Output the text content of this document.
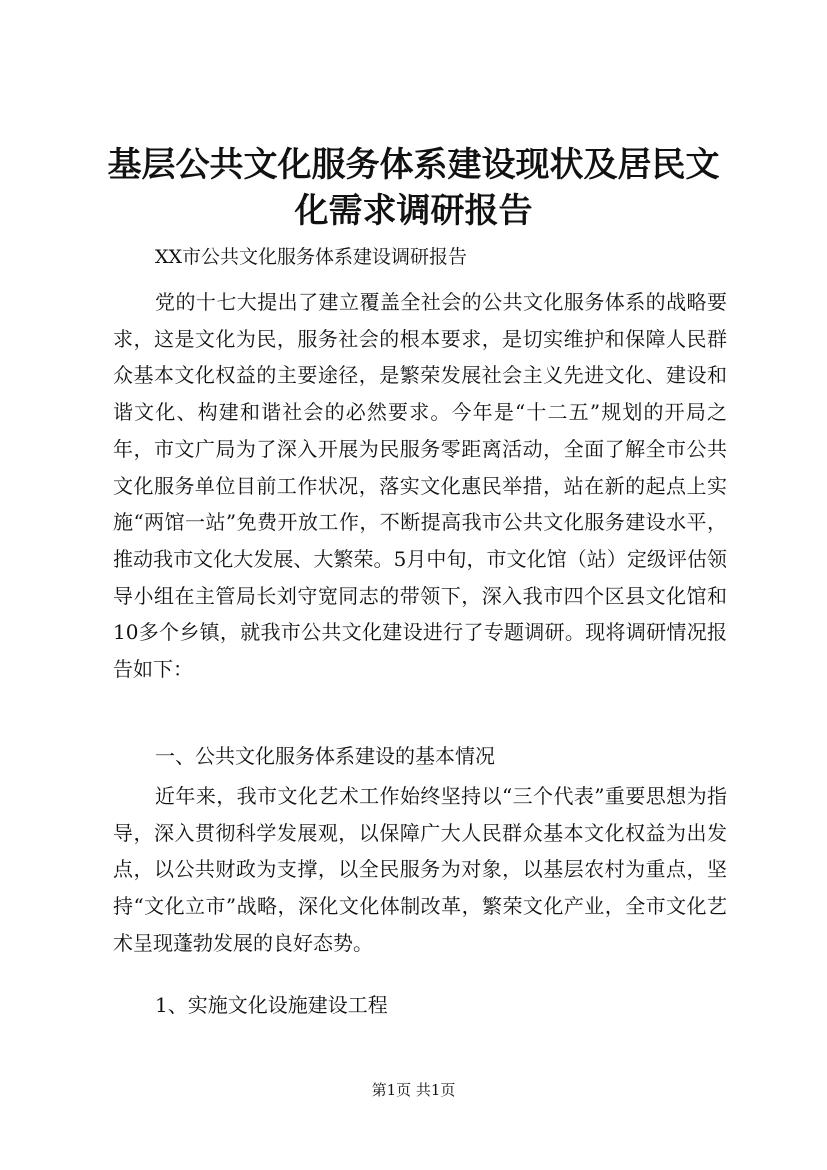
基层公共文化服务体系建设现状及居民文化需求调研报告

XX市公共文化服务体系建设调研报告

党的十七大提出了建立覆盖全社会的公共文化服务体系的战略要求，这是文化为民，服务社会的根本要求，是切实维护和保障人民群众基本文化权益的主要途径，是繁荣发展社会主义先进文化、建设和谐文化、构建和谐社会的必然要求。今年是“十二五”规划的开局之年，市文广局为了深入开展为民服务零距离活动，全面了解全市公共文化服务单位目前工作状况，落实文化惠民举措，站在新的起点上实施“两馆一站”免费开放工作，不断提高我市公共文化服务建设水平，推动我市文化大发展、大繁荣。5月中旬，市文化馆（站）定级评估领导小组在主管局长刘守宽同志的带领下，深入我市四个区县文化馆和10多个乡镇，就我市公共文化建设进行了专题调研。现将调研情况报告如下：

一、公共文化服务体系建设的基本情况

近年来，我市文化艺术工作始终坚持以“三个代表”重要思想为指导，深入贯彻科学发展观，以保障广大人民群众基本文化权益为出发点，以公共财政为支撑，以全民服务为对象，以基层农村为重点，坚持“文化立市”战略，深化文化体制改革，繁荣文化产业，全市文化艺术呈现蓬勃发展的良好态势。

1、实施文化设施建设工程

第1页 共1页
